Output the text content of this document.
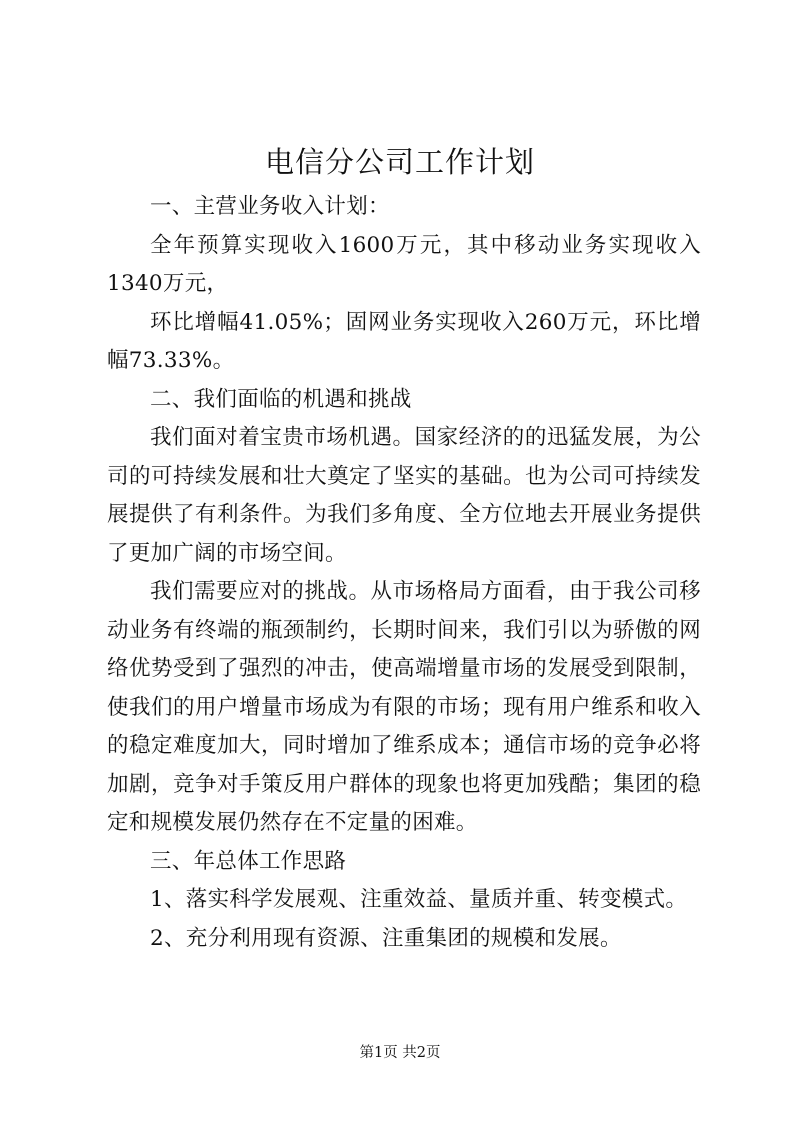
电信分公司工作计划

一、主营业务收入计划：

全年预算实现收入1600万元，其中移动业务实现收入1340万元，

环比增幅41.05%；固网业务实现收入260万元，环比增幅73.33%。

二、我们面临的机遇和挑战

我们面对着宝贵市场机遇。国家经济的的迅猛发展，为公司的可持续发展和壮大奠定了坚实的基础。也为公司可持续发展提供了有利条件。为我们多角度、全方位地去开展业务提供了更加广阔的市场空间。

我们需要应对的挑战。从市场格局方面看，由于我公司移动业务有终端的瓶颈制约，长期时间来，我们引以为骄傲的网络优势受到了强烈的冲击，使高端增量市场的发展受到限制，使我们的用户增量市场成为有限的市场；现有用户维系和收入的稳定难度加大，同时增加了维系成本；通信市场的竞争必将加剧，竞争对手策反用户群体的现象也将更加残酷；集团的稳定和规模发展仍然存在不定量的困难。

三、年总体工作思路

1、落实科学发展观、注重效益、量质并重、转变模式。

2、充分利用现有资源、注重集团的规模和发展。

第1页 共2页
